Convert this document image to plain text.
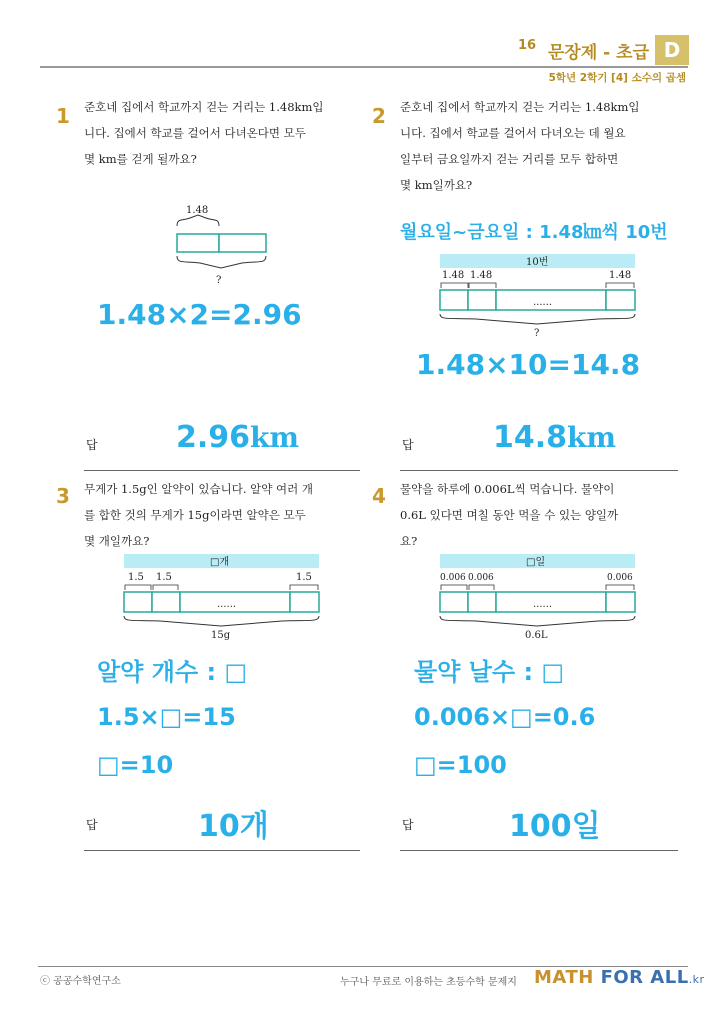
16 문장제 - 초급 D
5학년 2학기 [4] 소수의 곱셈
1 준호네 집에서 학교까지 걷는 거리는 1.48km입
니다. 집에서 학교를 걸어서 다녀온다면 모두
몇 km를 걷게 될까요?
1.48
?
1.48×2=2.96
답	2.96km
2 준호네 집에서 학교까지 걷는 거리는 1.48km입
니다. 집에서 학교를 걸어서 다녀오는 데 월요
일부터 금요일까지 걷는 거리를 모두 합하면
몇 km일까요?
월요일~금요일 : 1.48㎞씩 10번
10번
1.48 1.48	1.48
......
?
1.48×10=14.8
답	14.8km
3 무게가 1.5g인 알약이 있습니다. 알약 여러 개
를 합한 것의 무게가 15g이라면 알약은 모두
몇 개일까요?
□개
1.5 1.5	1.5
......
15g
알약 개수 : □
1.5×□=15
□=10
답	10개
4 물약을 하루에 0.006L씩 먹습니다. 물약이
0.6L 있다면 며칠 동안 먹을 수 있는 양일까
요?
□일
0.006 0.006	0.006
......
0.6L
물약 날수 : □
0.006×□=0.6
□=100
답	100일
ⓒ 공공수학연구소	누구나 무료로 이용하는 초등수학 문제지 MATH FOR ALL.kr
